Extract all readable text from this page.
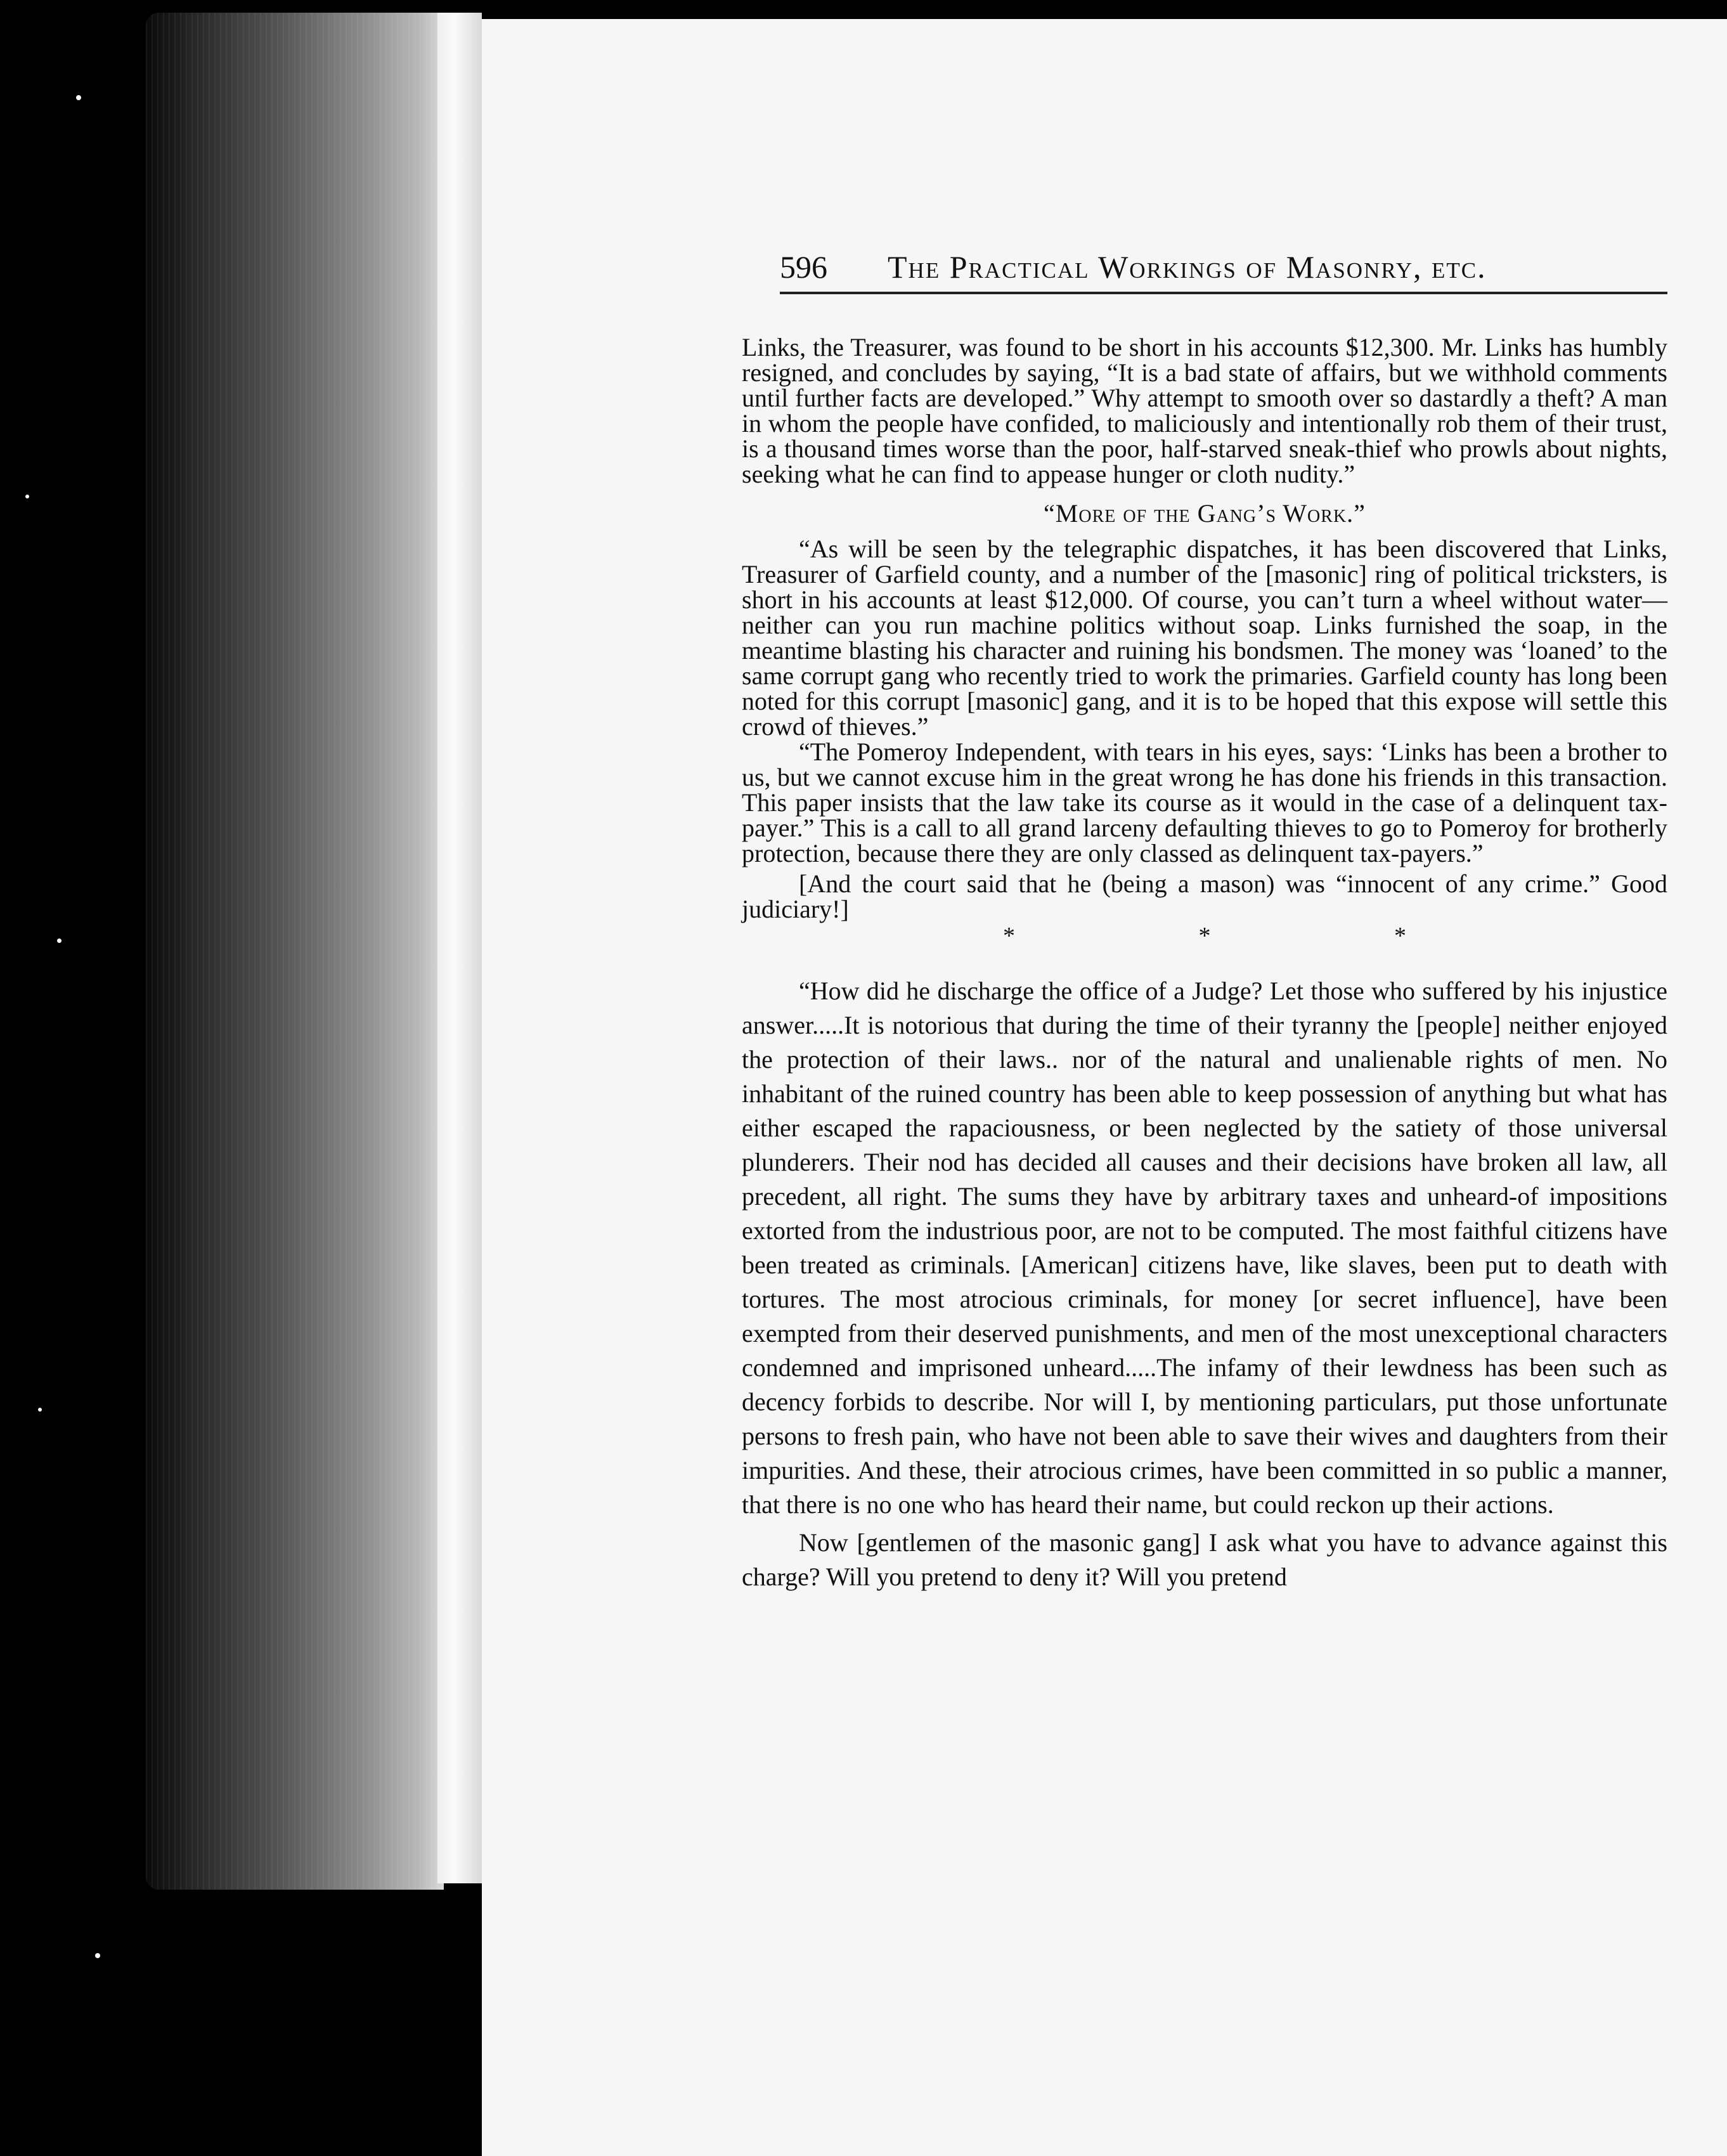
596 The Practical Workings of Masonry, etc.

Links, the Treasurer, was found to be short in his accounts $12,300. Mr. Links has humbly resigned, and concludes by saying, “It is a bad state of affairs, but we withhold comments until further facts are developed.” Why attempt to smooth over so dastardly a theft? A man in whom the people have confided, to maliciously and intentionally rob them of their trust, is a thousand times worse than the poor, half-starved sneak-thief who prowls about nights, seeking what he can find to appease hunger or cloth nudity.”

“More of the Gang’s Work.”

“As will be seen by the telegraphic dispatches, it has been discovered that Links, Treasurer of Garfield county, and a number of the [masonic] ring of political tricksters, is short in his accounts at least $12,000. Of course, you can’t turn a wheel without water—neither can you run machine politics without soap. Links furnished the soap, in the meantime blasting his character and ruining his bondsmen. The money was ‘loaned’ to the same corrupt gang who recently tried to work the primaries. Garfield county has long been noted for this corrupt [masonic] gang, and it is to be hoped that this expose will settle this crowd of thieves.”

“The Pomeroy Independent, with tears in his eyes, says: ‘Links has been a brother to us, but we cannot excuse him in the great wrong he has done his friends in this transaction. This paper insists that the law take its course as it would in the case of a delinquent tax-payer.” This is a call to all grand larceny defaulting thieves to go to Pomeroy for brotherly protection, because there they are only classed as delinquent tax-payers.”

[And the court said that he (being a mason) was “innocent of any crime.” Good judiciary!]

* * *

“How did he discharge the office of a Judge? Let those who suffered by his injustice answer.....It is notorious that during the time of their tyranny the [people] neither enjoyed the protection of their laws.. nor of the natural and unalienable rights of men. No inhabitant of the ruined country has been able to keep possession of anything but what has either escaped the rapaciousness, or been neglected by the satiety of those universal plunderers. Their nod has decided all causes and their decisions have broken all law, all precedent, all right. The sums they have by arbitrary taxes and unheard-of impositions extorted from the industrious poor, are not to be computed. The most faithful citizens have been treated as criminals. [American] citizens have, like slaves, been put to death with tortures. The most atrocious criminals, for money [or secret influence], have been exempted from their deserved punishments, and men of the most unexceptional characters condemned and imprisoned unheard.....The infamy of their lewdness has been such as decency forbids to describe. Nor will I, by mentioning particulars, put those unfortunate persons to fresh pain, who have not been able to save their wives and daughters from their impurities. And these, their atrocious crimes, have been committed in so public a manner, that there is no one who has heard their name, but could reckon up their actions.

Now [gentlemen of the masonic gang] I ask what you have to advance against this charge? Will you pretend to deny it? Will you pretend
